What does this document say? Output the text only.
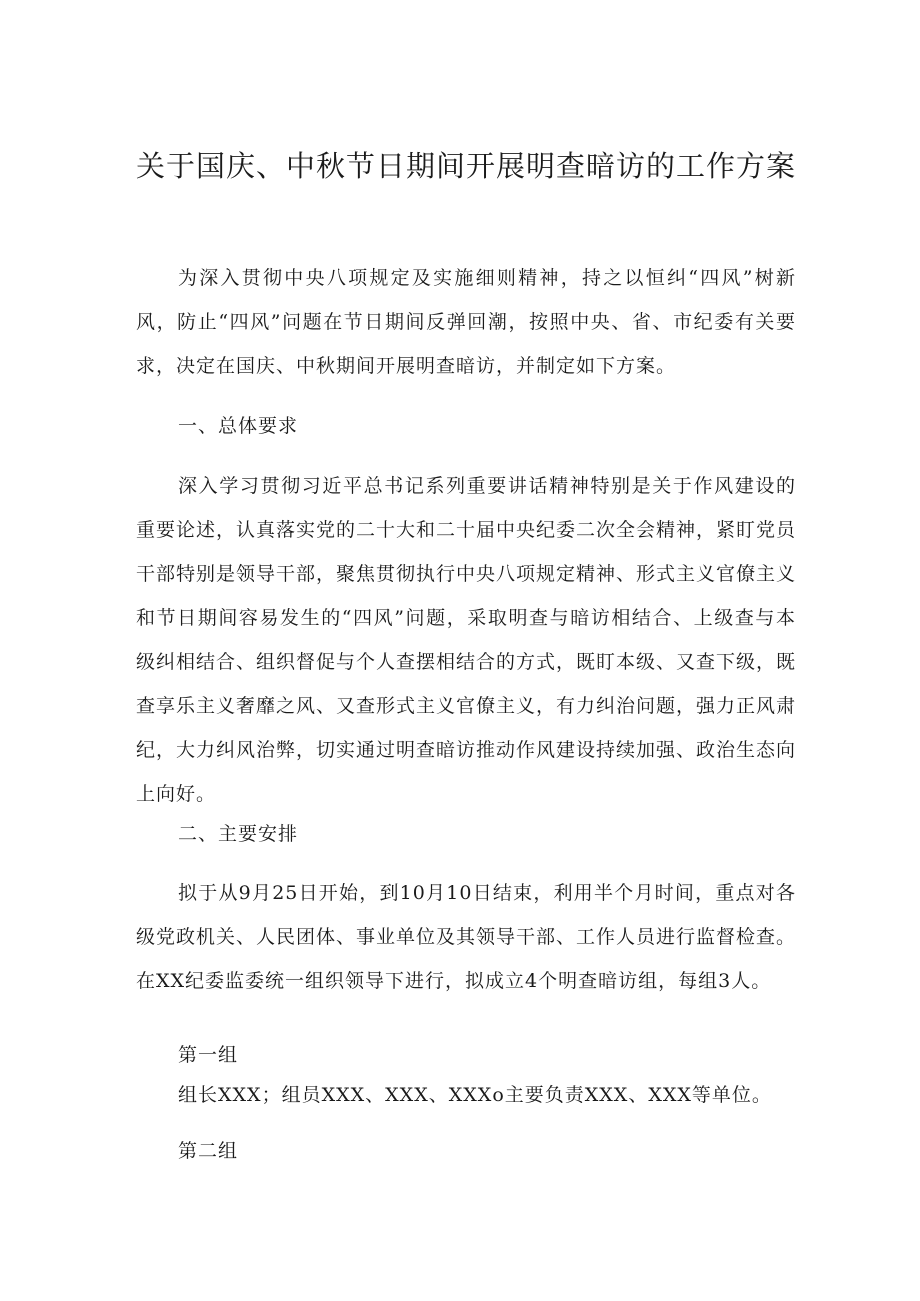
关于国庆、中秋节日期间开展明查暗访的工作方案

为深入贯彻中央八项规定及实施细则精神，持之以恒纠“四风”树新风，防止“四风”问题在节日期间反弹回潮，按照中央、省、市纪委有关要求，决定在国庆、中秋期间开展明查暗访，并制定如下方案。

一、总体要求

深入学习贯彻习近平总书记系列重要讲话精神特别是关于作风建设的重要论述，认真落实党的二十大和二十届中央纪委二次全会精神，紧盯党员干部特别是领导干部，聚焦贯彻执行中央八项规定精神、形式主义官僚主义和节日期间容易发生的“四风”问题，采取明查与暗访相结合、上级查与本级纠相结合、组织督促与个人查摆相结合的方式，既盯本级、又查下级，既查享乐主义奢靡之风、又查形式主义官僚主义，有力纠治问题，强力正风肃纪，大力纠风治弊，切实通过明查暗访推动作风建设持续加强、政治生态向上向好。

二、主要安排

拟于从9月25日开始，到10月10日结束，利用半个月时间，重点对各级党政机关、人民团体、事业单位及其领导干部、工作人员进行监督检查。在XX纪委监委统一组织领导下进行，拟成立4个明查暗访组，每组3人。

第一组

组长XXX；组员XXX、XXX、XXXo主要负责XXX、XXX等单位。

第二组
